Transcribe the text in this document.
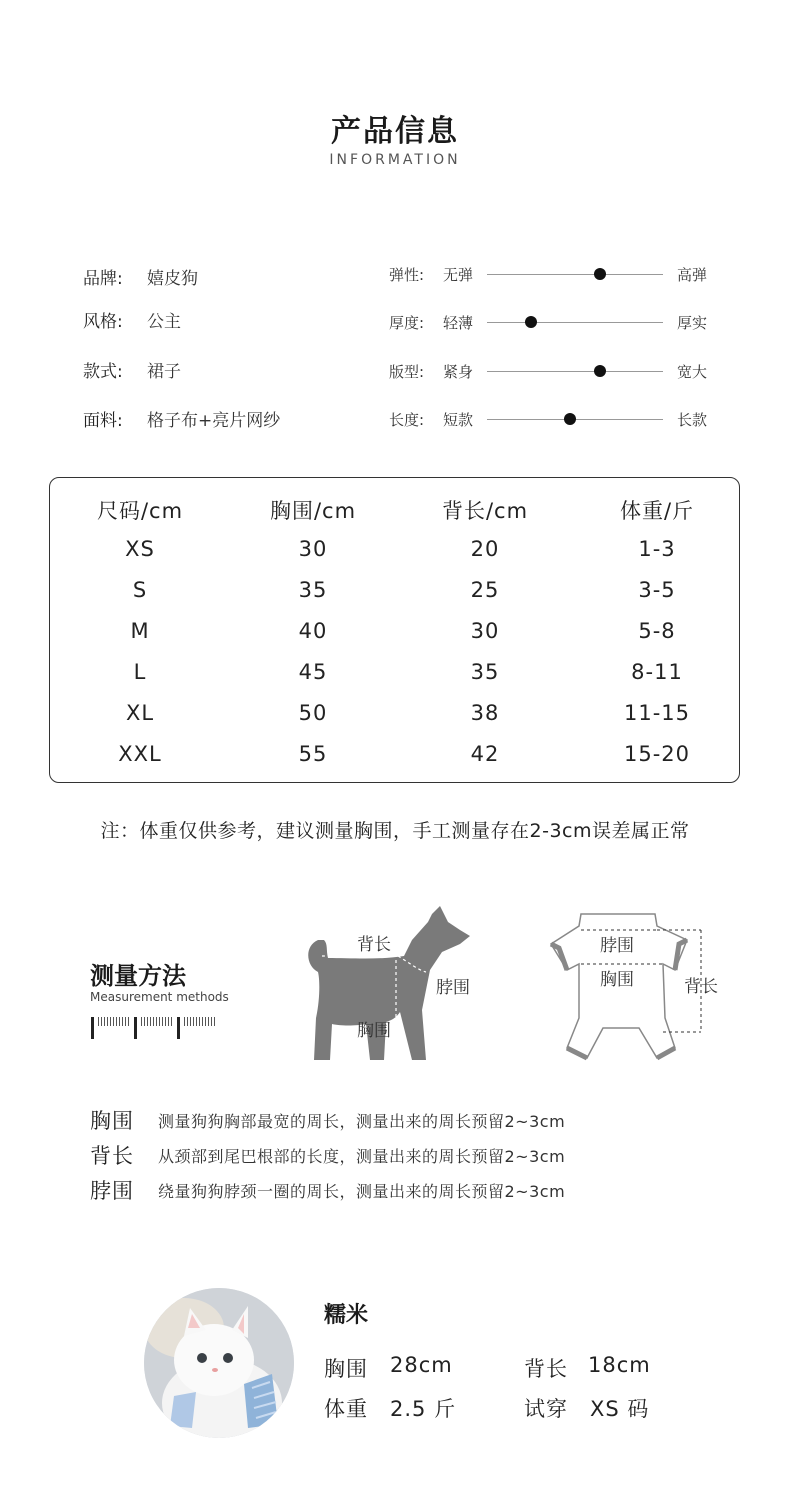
产品信息
INFORMATION
品牌:	嬉皮狗
风格:	公主
款式:	裙子
面料:	格子布+亮片网纱
弹性:	无弹	高弹
厚度:	轻薄	厚实
版型:	紧身	宽大
长度:	短款	长款
尺码/cm	胸围/cm	背长/cm	体重/斤
XS	30	20	1-3
S	35	25	3-5
M	40	30	5-8
L	45	35	8-11
XL	50	38	11-15
XXL	55	42	15-20
注：体重仅供参考，建议测量胸围，手工测量存在2-3cm误差属正常
测量方法
Measurement methods
背长
脖围
胸围
脖围
胸围	背长
胸围	测量狗狗胸部最宽的周长，测量出来的周长预留2~3cm
背长	从颈部到尾巴根部的长度，测量出来的周长预留2~3cm
脖围	绕量狗狗脖颈一圈的周长，测量出来的周长预留2~3cm
糯米
胸围 28cm	背长 18cm
体重 2.5 斤	试穿 XS 码
